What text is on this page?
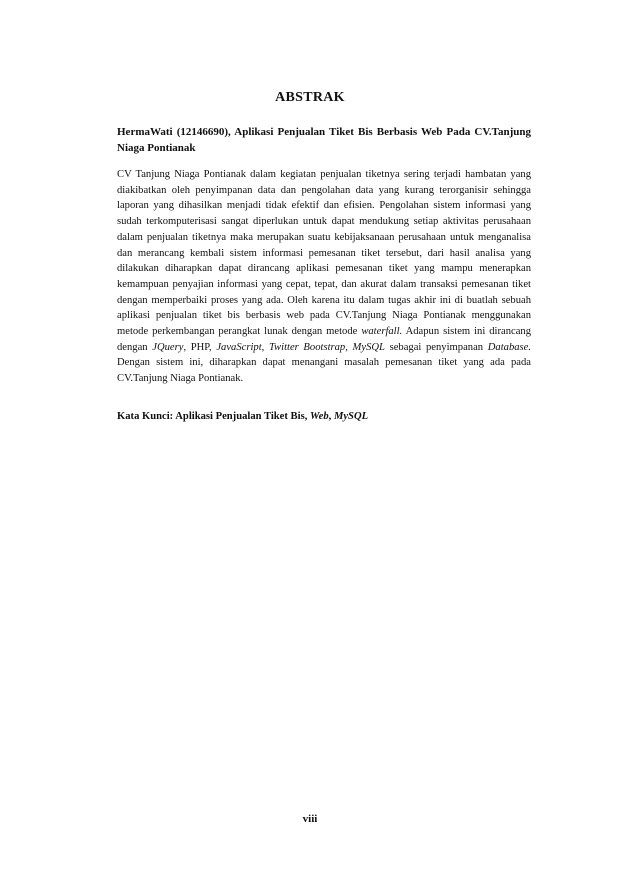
ABSTRAK
HermaWati (12146690), Aplikasi Penjualan Tiket Bis Berbasis Web Pada CV.Tanjung Niaga Pontianak
CV Tanjung Niaga Pontianak dalam kegiatan penjualan tiketnya sering terjadi hambatan yang diakibatkan oleh penyimpanan data dan pengolahan data yang kurang terorganisir sehingga laporan yang dihasilkan menjadi tidak efektif dan efisien. Pengolahan sistem informasi yang sudah terkomputerisasi sangat diperlukan untuk dapat mendukung setiap aktivitas perusahaan dalam penjualan tiketnya maka merupakan suatu kebijaksanaan perusahaan untuk menganalisa dan merancang kembali sistem informasi pemesanan tiket tersebut, dari hasil analisa yang dilakukan diharapkan dapat dirancang aplikasi pemesanan tiket yang mampu menerapkan kemampuan penyajian informasi yang cepat, tepat, dan akurat dalam transaksi pemesanan tiket dengan memperbaiki proses yang ada. Oleh karena itu dalam tugas akhir ini di buatlah sebuah aplikasi penjualan tiket bis berbasis web pada CV.Tanjung Niaga Pontianak menggunakan metode perkembangan perangkat lunak dengan metode waterfall. Adapun sistem ini dirancang dengan JQuery, PHP, JavaScript, Twitter Bootstrap, MySQL sebagai penyimpanan Database. Dengan sistem ini, diharapkan dapat menangani masalah pemesanan tiket yang ada pada CV.Tanjung Niaga Pontianak.
Kata Kunci: Aplikasi Penjualan Tiket Bis, Web, MySQL
viii
